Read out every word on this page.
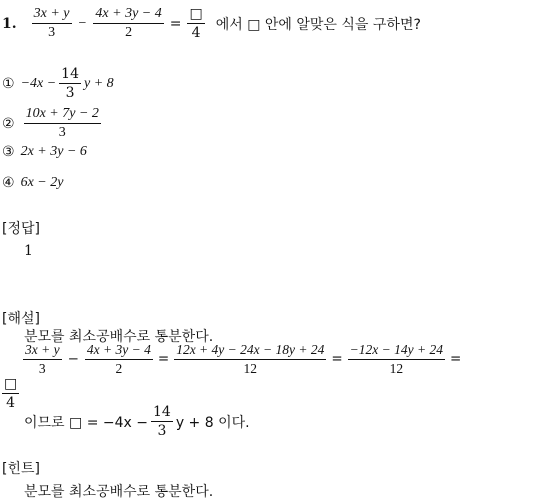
1. $\frac{3x + y}{3} - \frac{4x + 3y - 4}{2} = \frac{□}{4}$ 에서 □ 안에 알맞은 식을 구하면?
① $-4x - \frac{14}{3}$ y + 8
② $\frac{10x + 7y - 2}{3}$
③ 2x + 3y − 6
④ 6x − 2y
[정답]
1
[해설]
분모를 최소공배수로 통분한다.
$\frac{3x + y}{3} - \frac{4x + 3y - 4}{2} = \frac{12x + 4y - 24x - 18y + 24}{12} = \frac{-12x - 14y + 24}{12}$ =
$\frac{□}{4}$
이므로 □ = $-4x - \frac{14}{3}$ y + 8 이다.
[힌트]
분모를 최소공배수로 통분한다.
